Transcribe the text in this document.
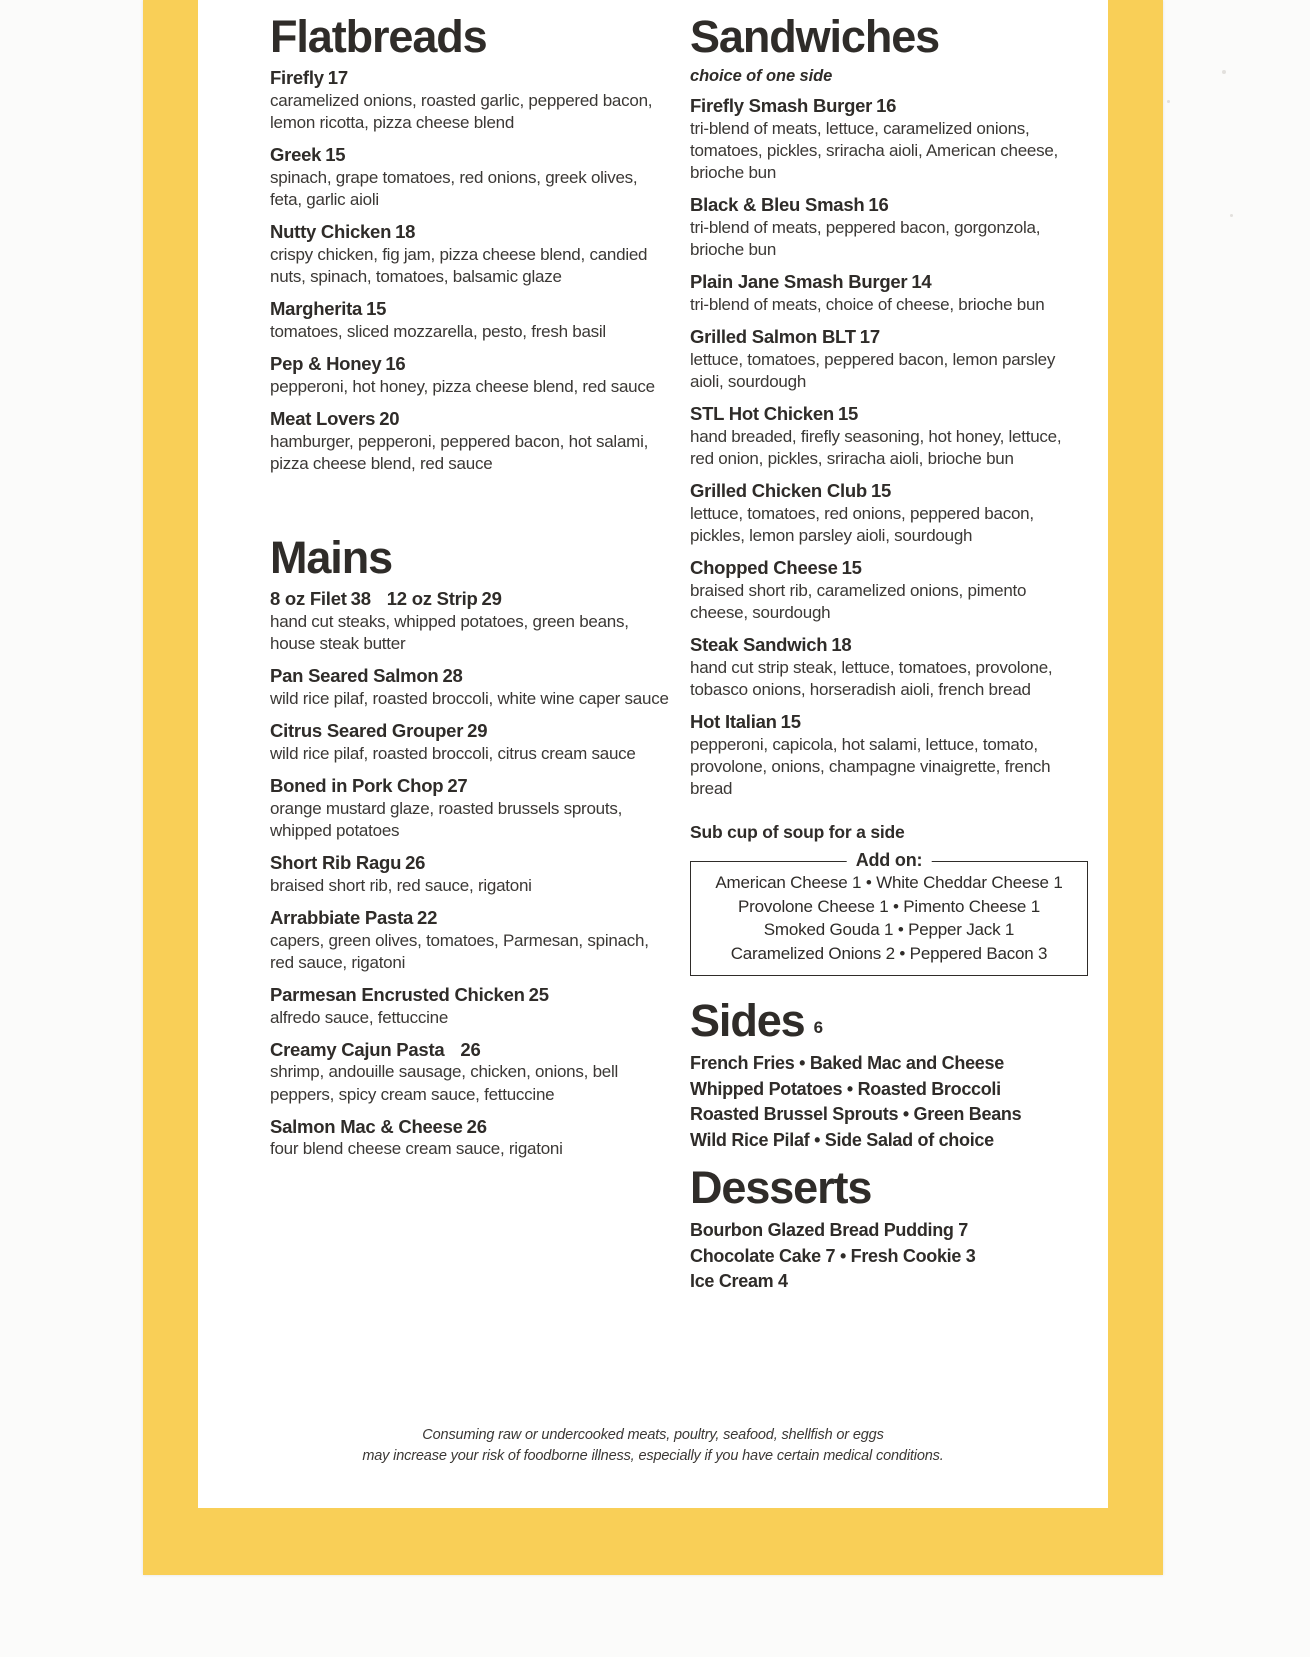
Flatbreads
Firefly 17
caramelized onions, roasted garlic, peppered bacon, lemon ricotta, pizza cheese blend
Greek 15
spinach, grape tomatoes, red onions, greek olives, feta, garlic aioli
Nutty Chicken 18
crispy chicken, fig jam, pizza cheese blend, candied nuts, spinach, tomatoes, balsamic glaze
Margherita 15
tomatoes, sliced mozzarella, pesto, fresh basil
Pep & Honey 16
pepperoni, hot honey, pizza cheese blend, red sauce
Meat Lovers 20
hamburger, pepperoni, peppered bacon, hot salami, pizza cheese blend, red sauce
Mains
8 oz Filet 38 12 oz Strip 29
hand cut steaks, whipped potatoes, green beans, house steak butter
Pan Seared Salmon 28
wild rice pilaf, roasted broccoli, white wine caper sauce
Citrus Seared Grouper 29
wild rice pilaf, roasted broccoli, citrus cream sauce
Boned in Pork Chop 27
orange mustard glaze, roasted brussels sprouts, whipped potatoes
Short Rib Ragu 26
braised short rib, red sauce, rigatoni
Arrabbiate Pasta 22
capers, green olives, tomatoes, Parmesan, spinach, red sauce, rigatoni
Parmesan Encrusted Chicken 25
alfredo sauce, fettuccine
Creamy Cajun Pasta 26
shrimp, andouille sausage, chicken, onions, bell peppers, spicy cream sauce, fettuccine
Salmon Mac & Cheese 26
four blend cheese cream sauce, rigatoni
Sandwiches
choice of one side
Firefly Smash Burger 16
tri-blend of meats, lettuce, caramelized onions, tomatoes, pickles, sriracha aioli, American cheese, brioche bun
Black & Bleu Smash 16
tri-blend of meats, peppered bacon, gorgonzola, brioche bun
Plain Jane Smash Burger 14
tri-blend of meats, choice of cheese, brioche bun
Grilled Salmon BLT 17
lettuce, tomatoes, peppered bacon, lemon parsley aioli, sourdough
STL Hot Chicken 15
hand breaded, firefly seasoning, hot honey, lettuce, red onion, pickles, sriracha aioli, brioche bun
Grilled Chicken Club 15
lettuce, tomatoes, red onions, peppered bacon, pickles, lemon parsley aioli, sourdough
Chopped Cheese 15
braised short rib, caramelized onions, pimento cheese, sourdough
Steak Sandwich 18
hand cut strip steak, lettuce, tomatoes, provolone, tobasco onions, horseradish aioli, french bread
Hot Italian 15
pepperoni, capicola, hot salami, lettuce, tomato, provolone, onions, champagne vinaigrette, french bread
Sub cup of soup for a side
Add on:
American Cheese 1 • White Cheddar Cheese 1
Provolone Cheese 1 • Pimento Cheese 1
Smoked Gouda 1 • Pepper Jack 1
Caramelized Onions 2 • Peppered Bacon 3
Sides 6
French Fries • Baked Mac and Cheese
Whipped Potatoes • Roasted Broccoli
Roasted Brussel Sprouts • Green Beans
Wild Rice Pilaf • Side Salad of choice
Desserts
Bourbon Glazed Bread Pudding 7
Chocolate Cake 7 • Fresh Cookie 3
Ice Cream 4
Consuming raw or undercooked meats, poultry, seafood, shellfish or eggs
may increase your risk of foodborne illness, especially if you have certain medical conditions.
